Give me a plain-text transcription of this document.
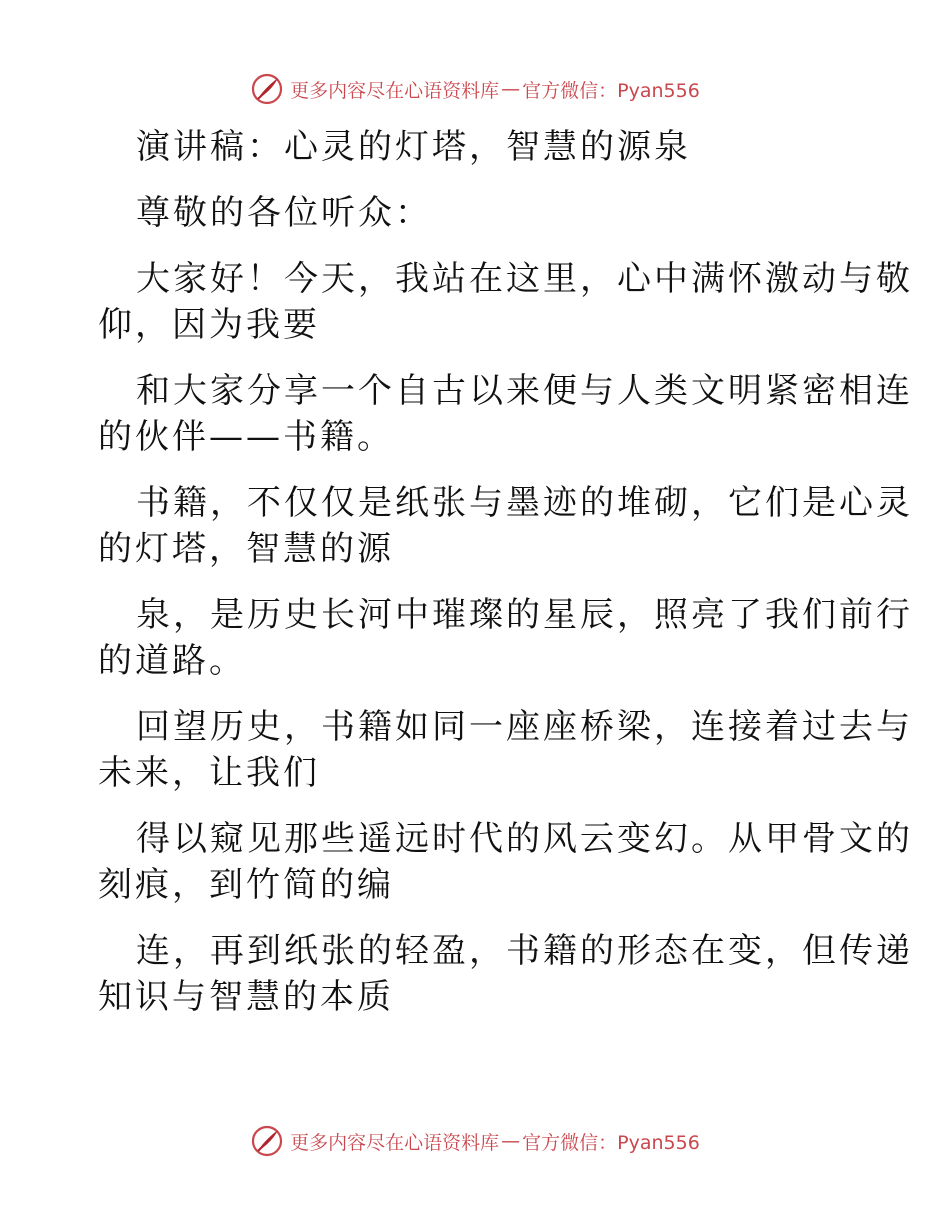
更多内容尽在心语资料库 — 官方微信：Pyan556
演讲稿：心灵的灯塔，智慧的源泉
尊敬的各位听众：
大家好！今天，我站在这里，心中满怀激动与敬
仰，因为我要
和大家分享一个自古以来便与人类文明紧密相连
的伙伴——书籍。
书籍，不仅仅是纸张与墨迹的堆砌，它们是心灵
的灯塔，智慧的源
泉，是历史长河中璀璨的星辰，照亮了我们前行
的道路。
回望历史，书籍如同一座座桥梁，连接着过去与
未来，让我们
得以窥见那些遥远时代的风云变幻。从甲骨文的
刻痕，到竹简的编
连，再到纸张的轻盈，书籍的形态在变，但传递
知识与智慧的本质
更多内容尽在心语资料库 — 官方微信：Pyan556
